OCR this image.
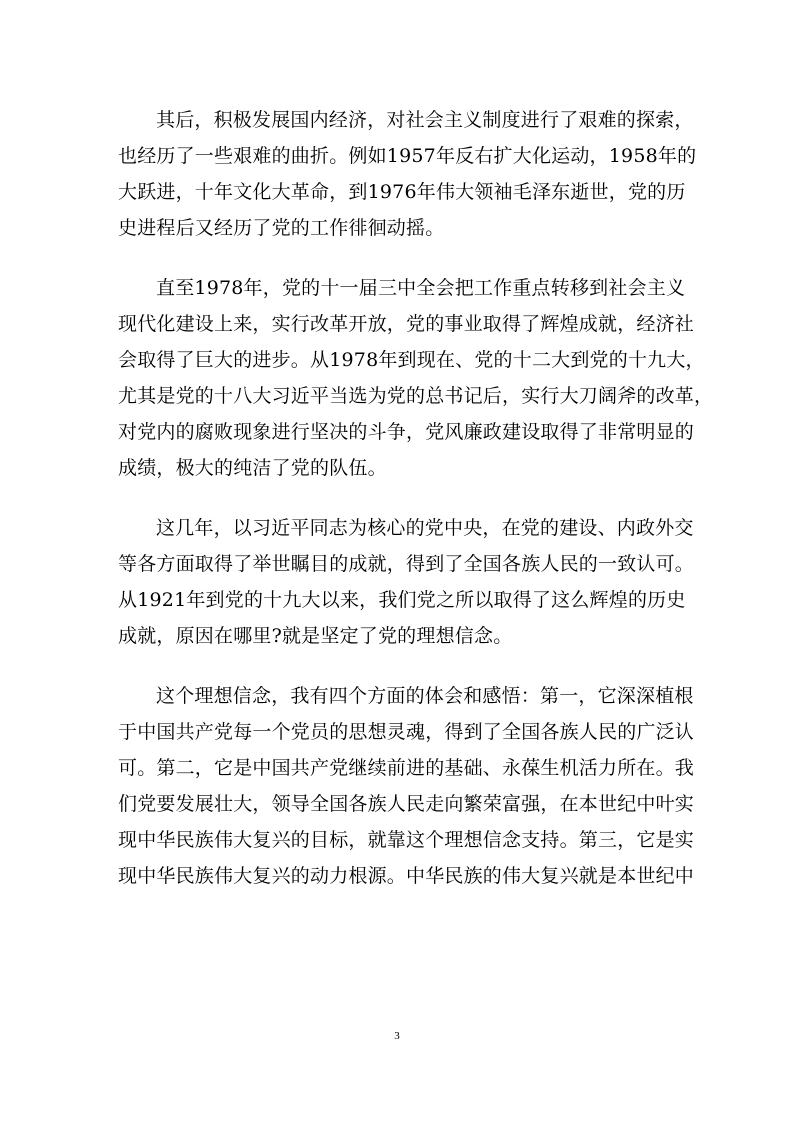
其后，积极发展国内经济，对社会主义制度进行了艰难的探索，
也经历了一些艰难的曲折。例如1957年反右扩大化运动，1958年的
大跃进，十年文化大革命，到1976年伟大领袖毛泽东逝世，党的历
史进程后又经历了党的工作徘徊动摇。

直至1978年，党的十一届三中全会把工作重点转移到社会主义
现代化建设上来，实行改革开放，党的事业取得了辉煌成就，经济社
会取得了巨大的进步。从1978年到现在、党的十二大到党的十九大，
尤其是党的十八大习近平当选为党的总书记后，实行大刀阔斧的改革，
对党内的腐败现象进行坚决的斗争，党风廉政建设取得了非常明显的
成绩，极大的纯洁了党的队伍。

这几年，以习近平同志为核心的党中央，在党的建设、内政外交
等各方面取得了举世瞩目的成就，得到了全国各族人民的一致认可。
从1921年到党的十九大以来，我们党之所以取得了这么辉煌的历史
成就，原因在哪里?就是坚定了党的理想信念。

这个理想信念，我有四个方面的体会和感悟：第一，它深深植根
于中国共产党每一个党员的思想灵魂，得到了全国各族人民的广泛认
可。第二，它是中国共产党继续前进的基础、永葆生机活力所在。我
们党要发展壮大，领导全国各族人民走向繁荣富强，在本世纪中叶实
现中华民族伟大复兴的目标，就靠这个理想信念支持。第三，它是实
现中华民族伟大复兴的动力根源。中华民族的伟大复兴就是本世纪中

3
